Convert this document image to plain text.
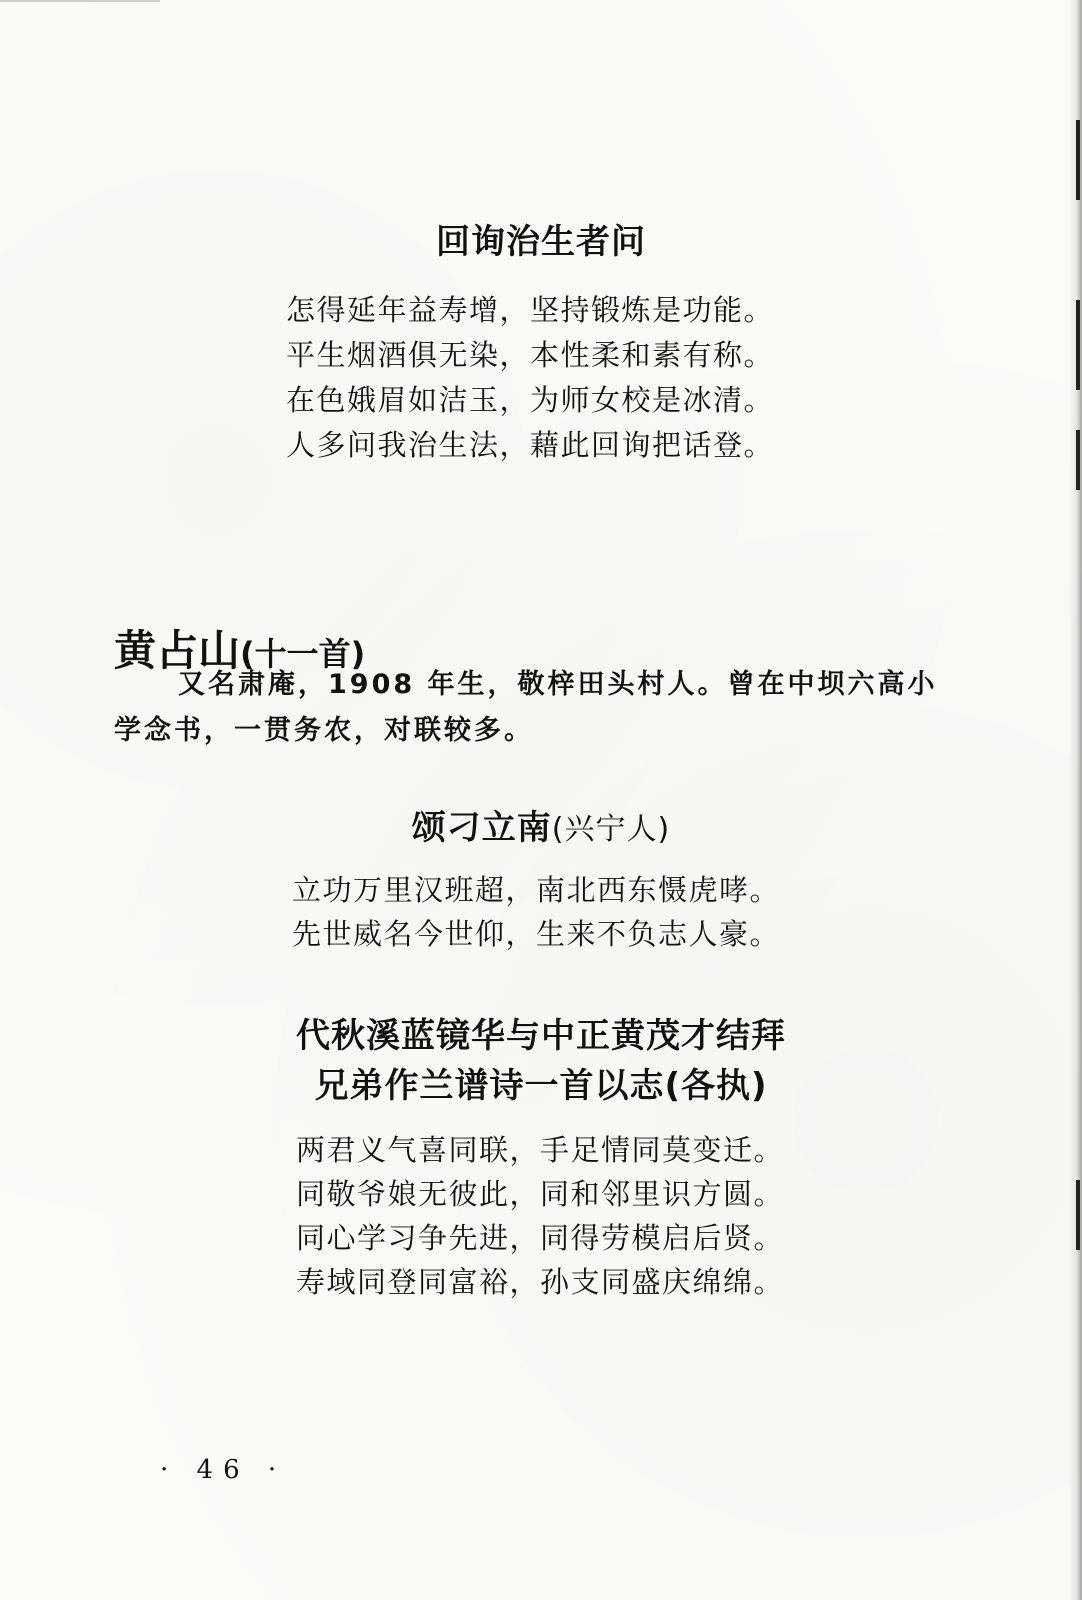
回询治生者问
怎得延年益寿增，坚持锻炼是功能。
平生烟酒俱无染，本性柔和素有称。
在色娥眉如洁玉，为师女校是冰清。
人多问我治生法，藉此回询把话登。
黄占山(十一首)
又名肃庵，1908 年生，敬梓田头村人。曾在中坝六高小
学念书，一贯务农，对联较多。
颂刁立南(兴宁人)
立功万里汉班超，南北西东慑虎哮。
先世威名今世仰，生来不负志人豪。
代秋溪蓝镜华与中正黄茂才结拜
兄弟作兰谱诗一首以志(各执)
两君义气喜同联，手足情同莫变迁。
同敬爷娘无彼此，同和邻里识方圆。
同心学习争先进，同得劳模启后贤。
寿域同登同富裕，孙支同盛庆绵绵。
· 46 ·
